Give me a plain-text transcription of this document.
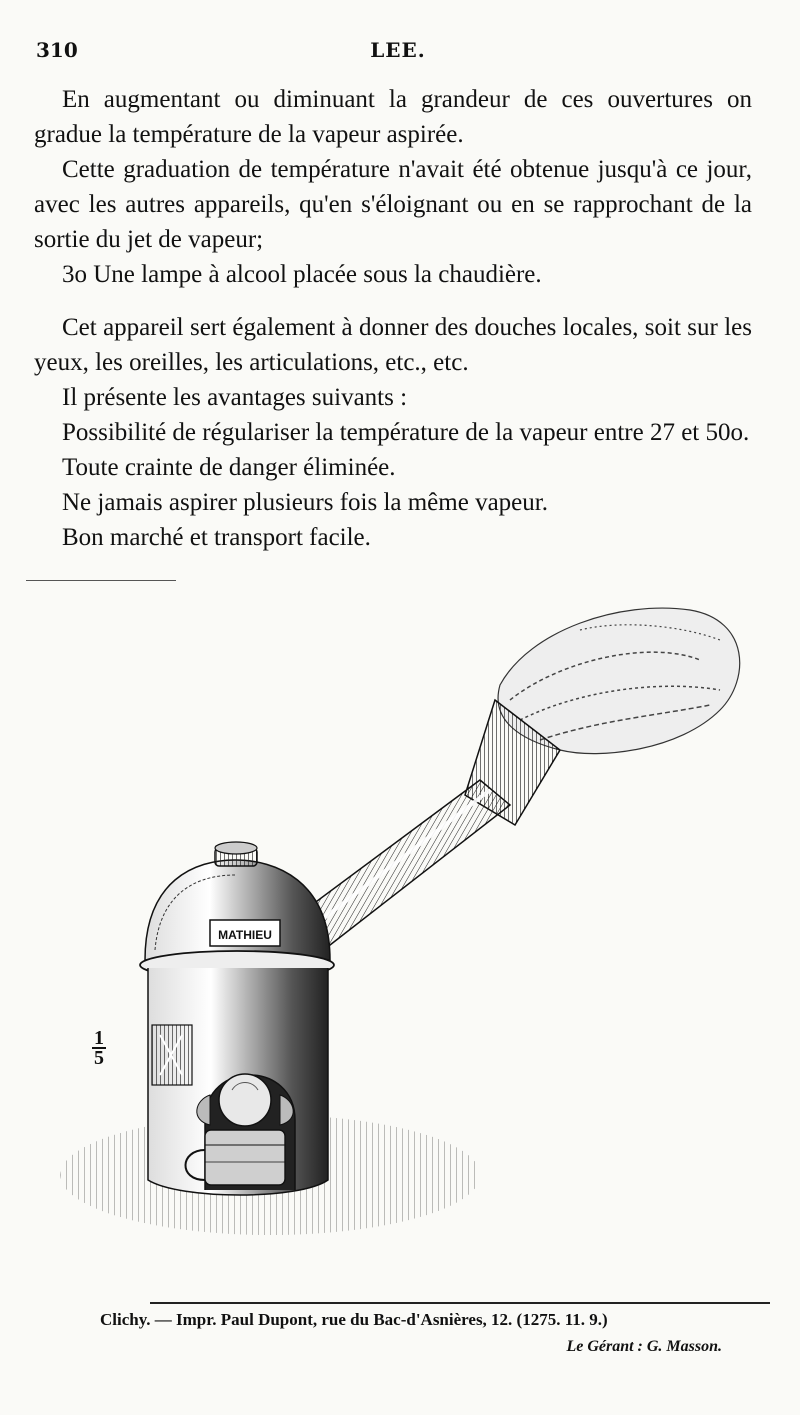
310	LEE.

En augmentant ou diminuant la grandeur de ces ouvertures on gradue la température de la vapeur aspirée.

Cette graduation de température n'avait été obtenue jusqu'à ce jour, avec les autres appareils, qu'en s'éloignant ou en se rapprochant de la sortie du jet de vapeur;

3o Une lampe à alcool placée sous la chaudière.

Cet appareil sert également à donner des douches locales, soit sur les yeux, les oreilles, les articulations, etc., etc.

Il présente les avantages suivants :

Possibilité de régulariser la température de la vapeur entre 27 et 50o.

Toute crainte de danger éliminée.

Ne jamais aspirer plusieurs fois la même vapeur.

Bon marché et transport facile.

MATHIEU
1
5
Clichy. — Impr. Paul Dupont, rue du Bac-d'Asnières, 12. (1275. 11. 9.)
Le Gérant : G. Masson.
